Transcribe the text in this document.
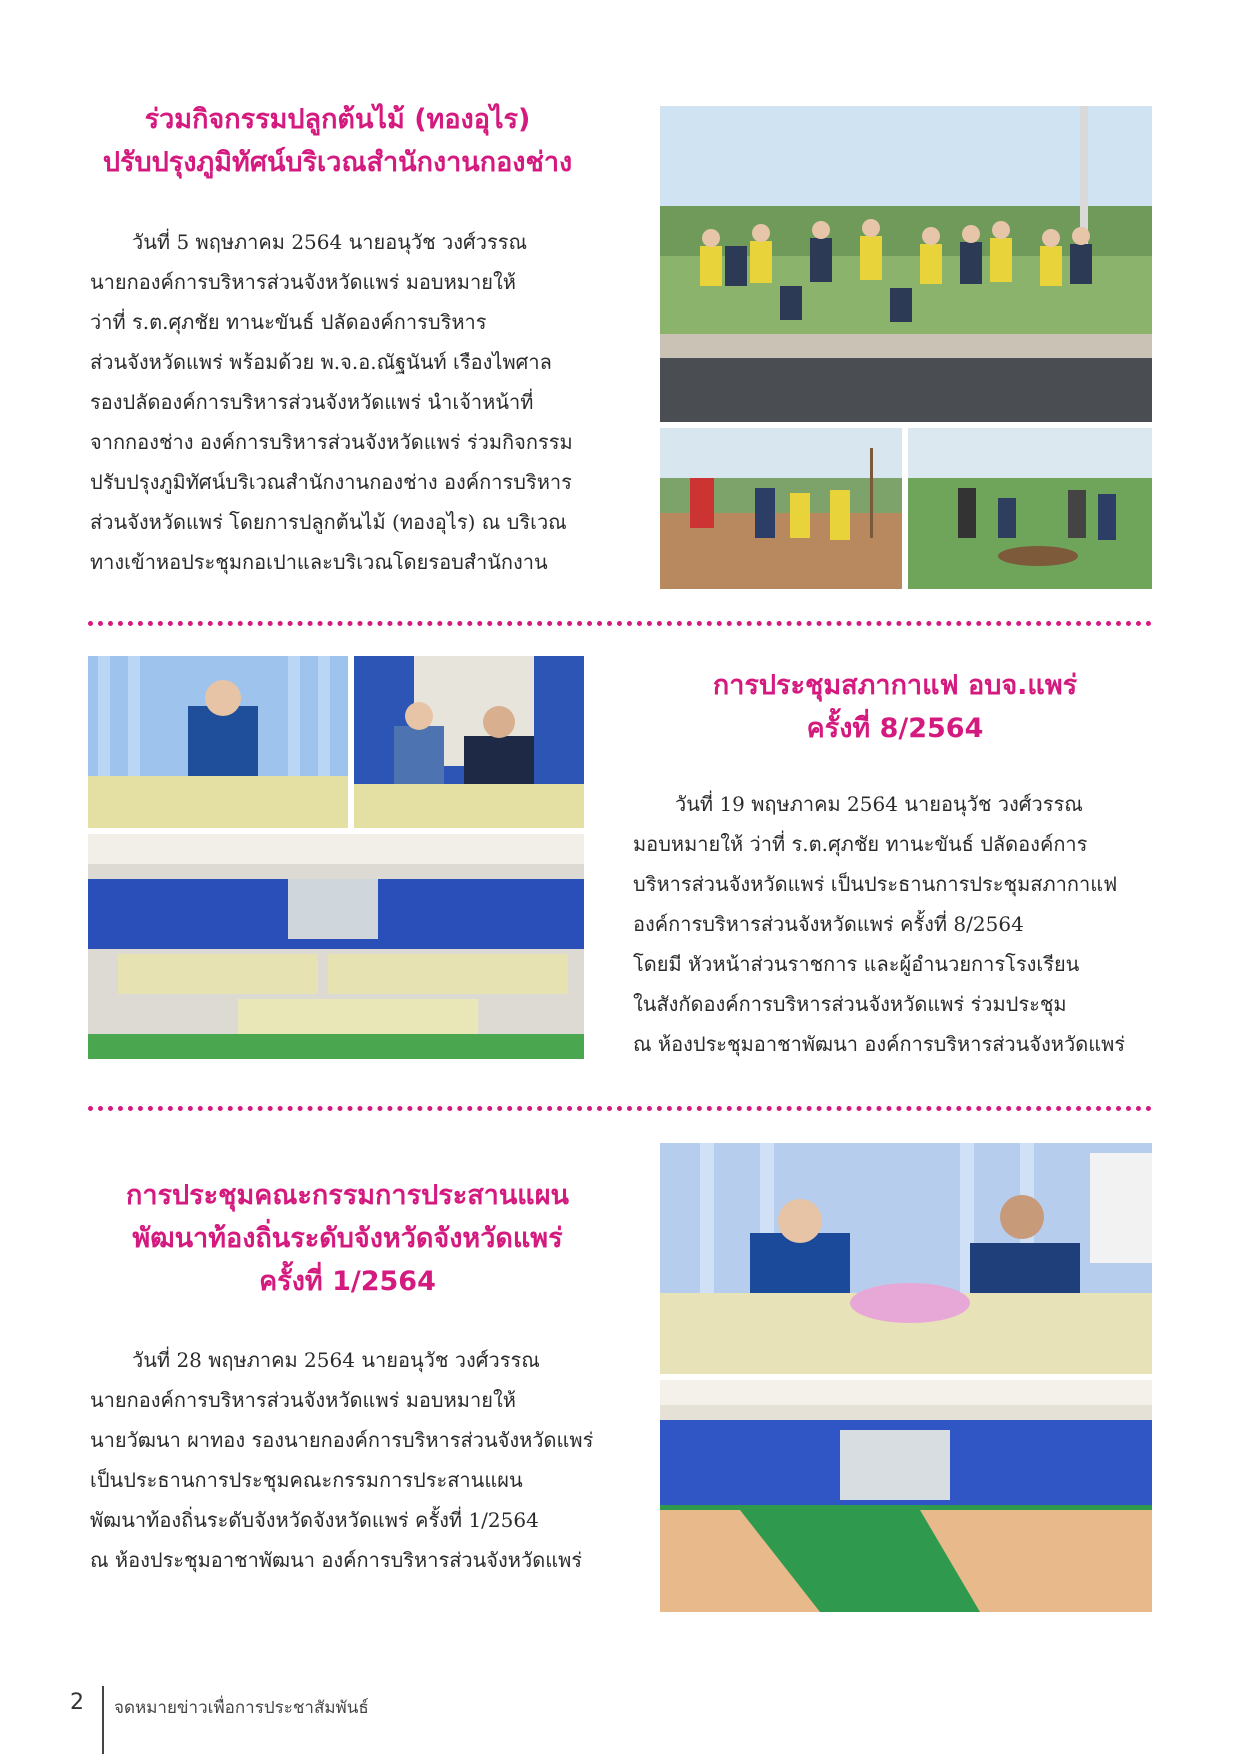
ร่วมกิจกรรมปลูกต้นไม้ (ทองอุไร)
ปรับปรุงภูมิทัศน์บริเวณสำนักงานกองช่าง
วันที่ 5 พฤษภาคม 2564 นายอนุวัช วงศ์วรรณ
นายกองค์การบริหารส่วนจังหวัดแพร่ มอบหมายให้
ว่าที่ ร.ต.ศุภชัย ทานะขันธ์ ปลัดองค์การบริหาร
ส่วนจังหวัดแพร่ พร้อมด้วย พ.จ.อ.ณัฐนันท์ เรืองไพศาล
รองปลัดองค์การบริหารส่วนจังหวัดแพร่ นำเจ้าหน้าที่
จากกองช่าง องค์การบริหารส่วนจังหวัดแพร่ ร่วมกิจกรรม
ปรับปรุงภูมิทัศน์บริเวณสำนักงานกองช่าง องค์การบริหาร
ส่วนจังหวัดแพร่ โดยการปลูกต้นไม้ (ทองอุไร) ณ บริเวณ
ทางเข้าหอประชุมกอเปาและบริเวณโดยรอบสำนักงาน
การประชุมสภากาแฟ อบจ.แพร่
ครั้งที่ 8/2564
วันที่ 19 พฤษภาคม 2564 นายอนุวัช วงศ์วรรณ
มอบหมายให้ ว่าที่ ร.ต.ศุภชัย ทานะขันธ์ ปลัดองค์การ
บริหารส่วนจังหวัดแพร่ เป็นประธานการประชุมสภากาแฟ
องค์การบริหารส่วนจังหวัดแพร่ ครั้งที่ 8/2564
โดยมี หัวหน้าส่วนราชการ และผู้อำนวยการโรงเรียน
ในสังกัดองค์การบริหารส่วนจังหวัดแพร่ ร่วมประชุม
ณ ห้องประชุมอาชาพัฒนา องค์การบริหารส่วนจังหวัดแพร่
การประชุมคณะกรรมการประสานแผน
พัฒนาท้องถิ่นระดับจังหวัดจังหวัดแพร่
ครั้งที่ 1/2564
วันที่ 28 พฤษภาคม 2564 นายอนุวัช วงศ์วรรณ
นายกองค์การบริหารส่วนจังหวัดแพร่ มอบหมายให้
นายวัฒนา ผาทอง รองนายกองค์การบริหารส่วนจังหวัดแพร่
เป็นประธานการประชุมคณะกรรมการประสานแผน
พัฒนาท้องถิ่นระดับจังหวัดจังหวัดแพร่ ครั้งที่ 1/2564
ณ ห้องประชุมอาชาพัฒนา องค์การบริหารส่วนจังหวัดแพร่
2 จดหมายข่าวเพื่อการประชาสัมพันธ์
